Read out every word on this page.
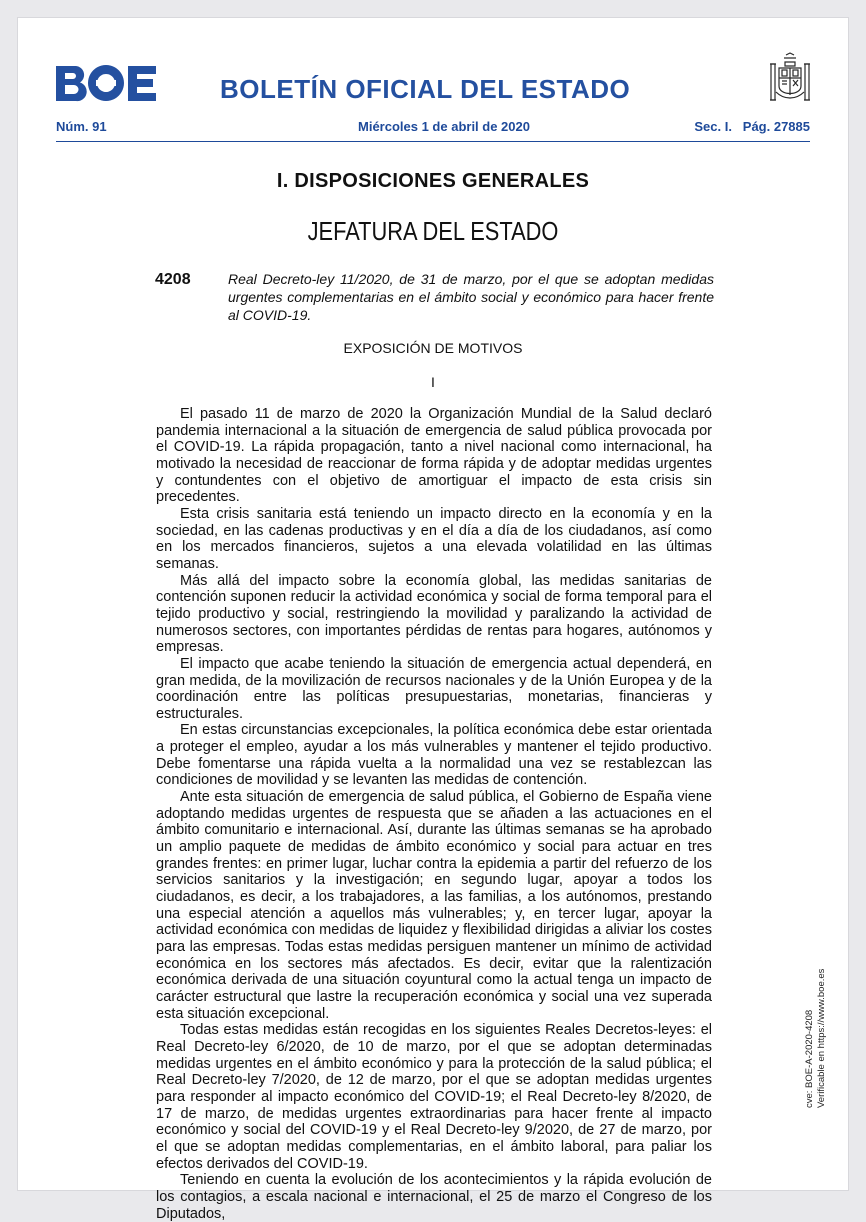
BOLETÍN OFICIAL DEL ESTADO
Núm. 91	Miércoles 1 de abril de 2020	Sec. I.   Pág. 27885
I. DISPOSICIONES GENERALES
JEFATURA DEL ESTADO
4208	Real Decreto-ley 11/2020, de 31 de marzo, por el que se adoptan medidas urgentes complementarias en el ámbito social y económico para hacer frente al COVID-19.
EXPOSICIÓN DE MOTIVOS
I

El pasado 11 de marzo de 2020 la Organización Mundial de la Salud declaró pandemia internacional a la situación de emergencia de salud pública provocada por el COVID-19. La rápida propagación, tanto a nivel nacional como internacional, ha motivado la necesidad de reaccionar de forma rápida y de adoptar medidas urgentes y contundentes con el objetivo de amortiguar el impacto de esta crisis sin precedentes.

Esta crisis sanitaria está teniendo un impacto directo en la economía y en la sociedad, en las cadenas productivas y en el día a día de los ciudadanos, así como en los mercados financieros, sujetos a una elevada volatilidad en las últimas semanas.

Más allá del impacto sobre la economía global, las medidas sanitarias de contención suponen reducir la actividad económica y social de forma temporal para el tejido productivo y social, restringiendo la movilidad y paralizando la actividad de numerosos sectores, con importantes pérdidas de rentas para hogares, autónomos y empresas.

El impacto que acabe teniendo la situación de emergencia actual dependerá, en gran medida, de la movilización de recursos nacionales y de la Unión Europea y de la coordinación entre las políticas presupuestarias, monetarias, financieras y estructurales.

En estas circunstancias excepcionales, la política económica debe estar orientada a proteger el empleo, ayudar a los más vulnerables y mantener el tejido productivo. Debe fomentarse una rápida vuelta a la normalidad una vez se restablezcan las condiciones de movilidad y se levanten las medidas de contención.

Ante esta situación de emergencia de salud pública, el Gobierno de España viene adoptando medidas urgentes de respuesta que se añaden a las actuaciones en el ámbito comunitario e internacional. Así, durante las últimas semanas se ha aprobado un amplio paquete de medidas de ámbito económico y social para actuar en tres grandes frentes: en primer lugar, luchar contra la epidemia a partir del refuerzo de los servicios sanitarios y la investigación; en segundo lugar, apoyar a todos los ciudadanos, es decir, a los trabajadores, a las familias, a los autónomos, prestando una especial atención a aquellos más vulnerables; y, en tercer lugar, apoyar la actividad económica con medidas de liquidez y flexibilidad dirigidas a aliviar los costes para las empresas. Todas estas medidas persiguen mantener un mínimo de actividad económica en los sectores más afectados. Es decir, evitar que la ralentización económica derivada de una situación coyuntural como la actual tenga un impacto de carácter estructural que lastre la recuperación económica y social una vez superada esta situación excepcional.

Todas estas medidas están recogidas en los siguientes Reales Decretos-leyes: el Real Decreto-ley 6/2020, de 10 de marzo, por el que se adoptan determinadas medidas urgentes en el ámbito económico y para la protección de la salud pública; el Real Decreto-ley 7/2020, de 12 de marzo, por el que se adoptan medidas urgentes para responder al impacto económico del COVID-19; el Real Decreto-ley 8/2020, de 17 de marzo, de medidas urgentes extraordinarias para hacer frente al impacto económico y social del COVID-19 y el Real Decreto-ley 9/2020, de 27 de marzo, por el que se adoptan medidas complementarias, en el ámbito laboral, para paliar los efectos derivados del COVID-19.

Teniendo en cuenta la evolución de los acontecimientos y la rápida evolución de los contagios, a escala nacional e internacional, el 25 de marzo el Congreso de los Diputados,

cve: BOE-A-2020-4208 Verificable en https://www.boe.es
